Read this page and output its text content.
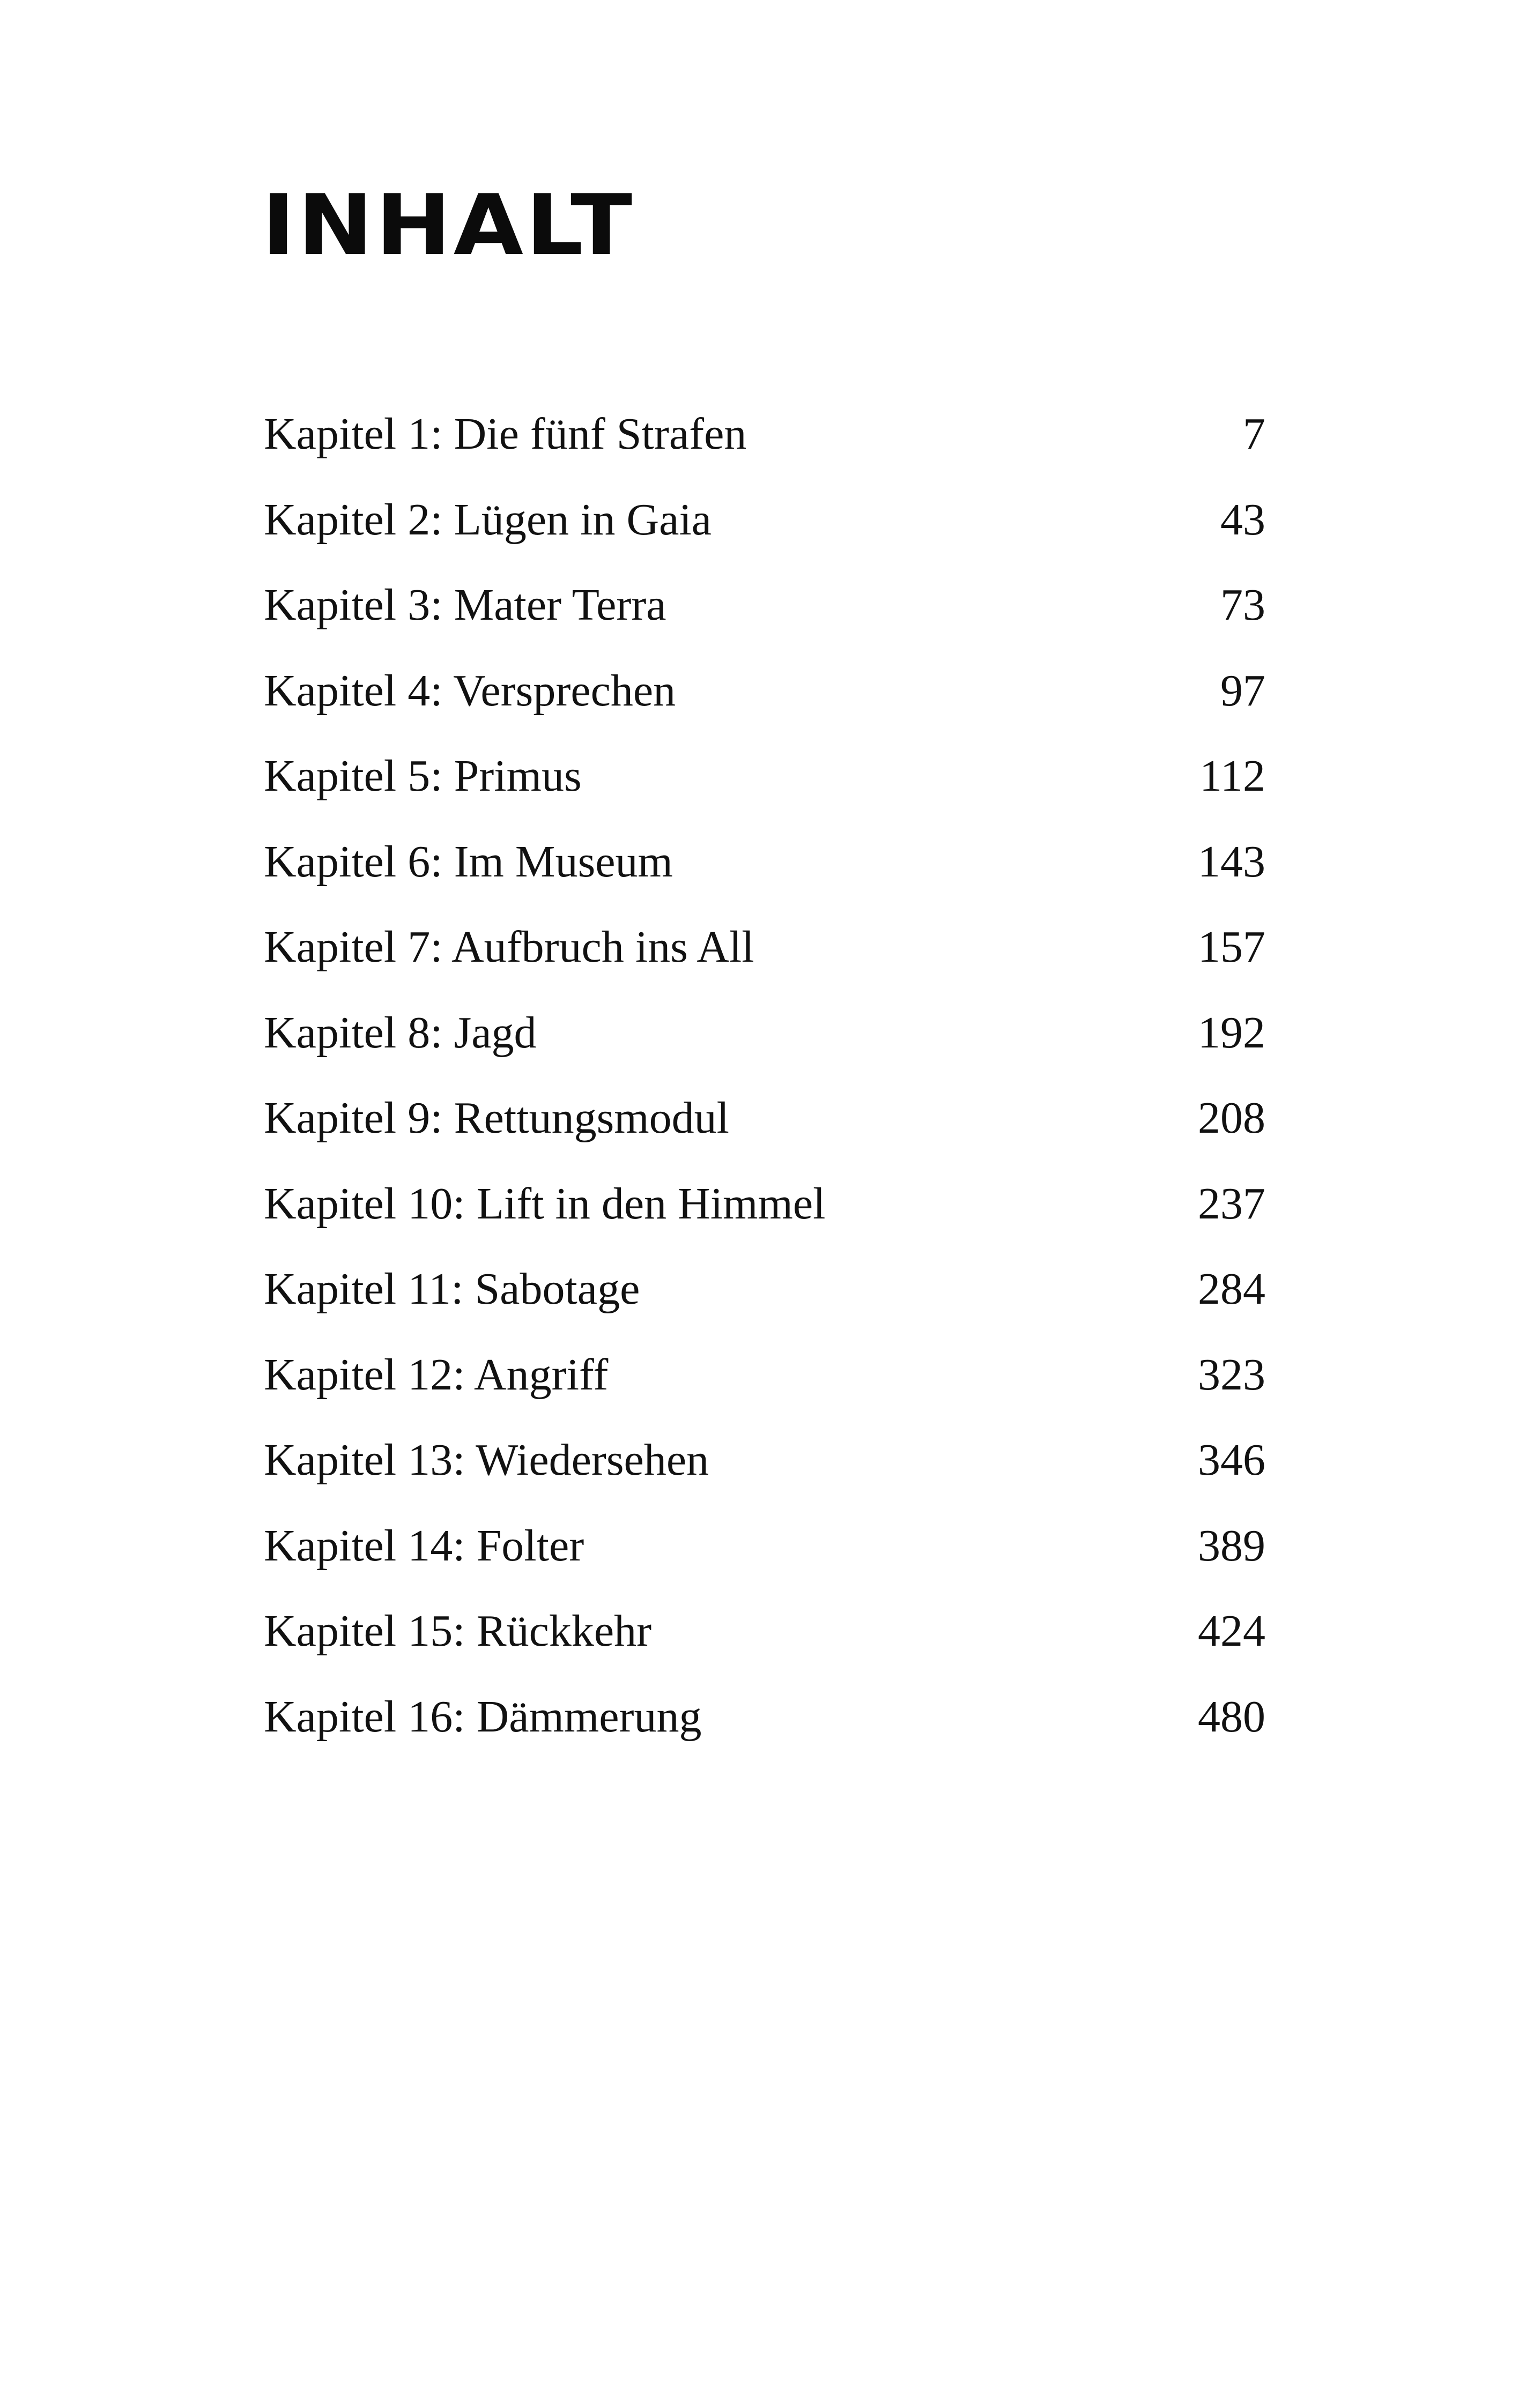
INHALT
Kapitel 1: Die fünf Strafen	7
Kapitel 2: Lügen in Gaia	43
Kapitel 3: Mater Terra	73
Kapitel 4: Versprechen	97
Kapitel 5: Primus	112
Kapitel 6: Im Museum	143
Kapitel 7: Aufbruch ins All	157
Kapitel 8: Jagd	192
Kapitel 9: Rettungsmodul	208
Kapitel 10: Lift in den Himmel	237
Kapitel 11: Sabotage	284
Kapitel 12: Angriff	323
Kapitel 13: Wiedersehen	346
Kapitel 14: Folter	389
Kapitel 15: Rückkehr	424
Kapitel 16: Dämmerung	480
